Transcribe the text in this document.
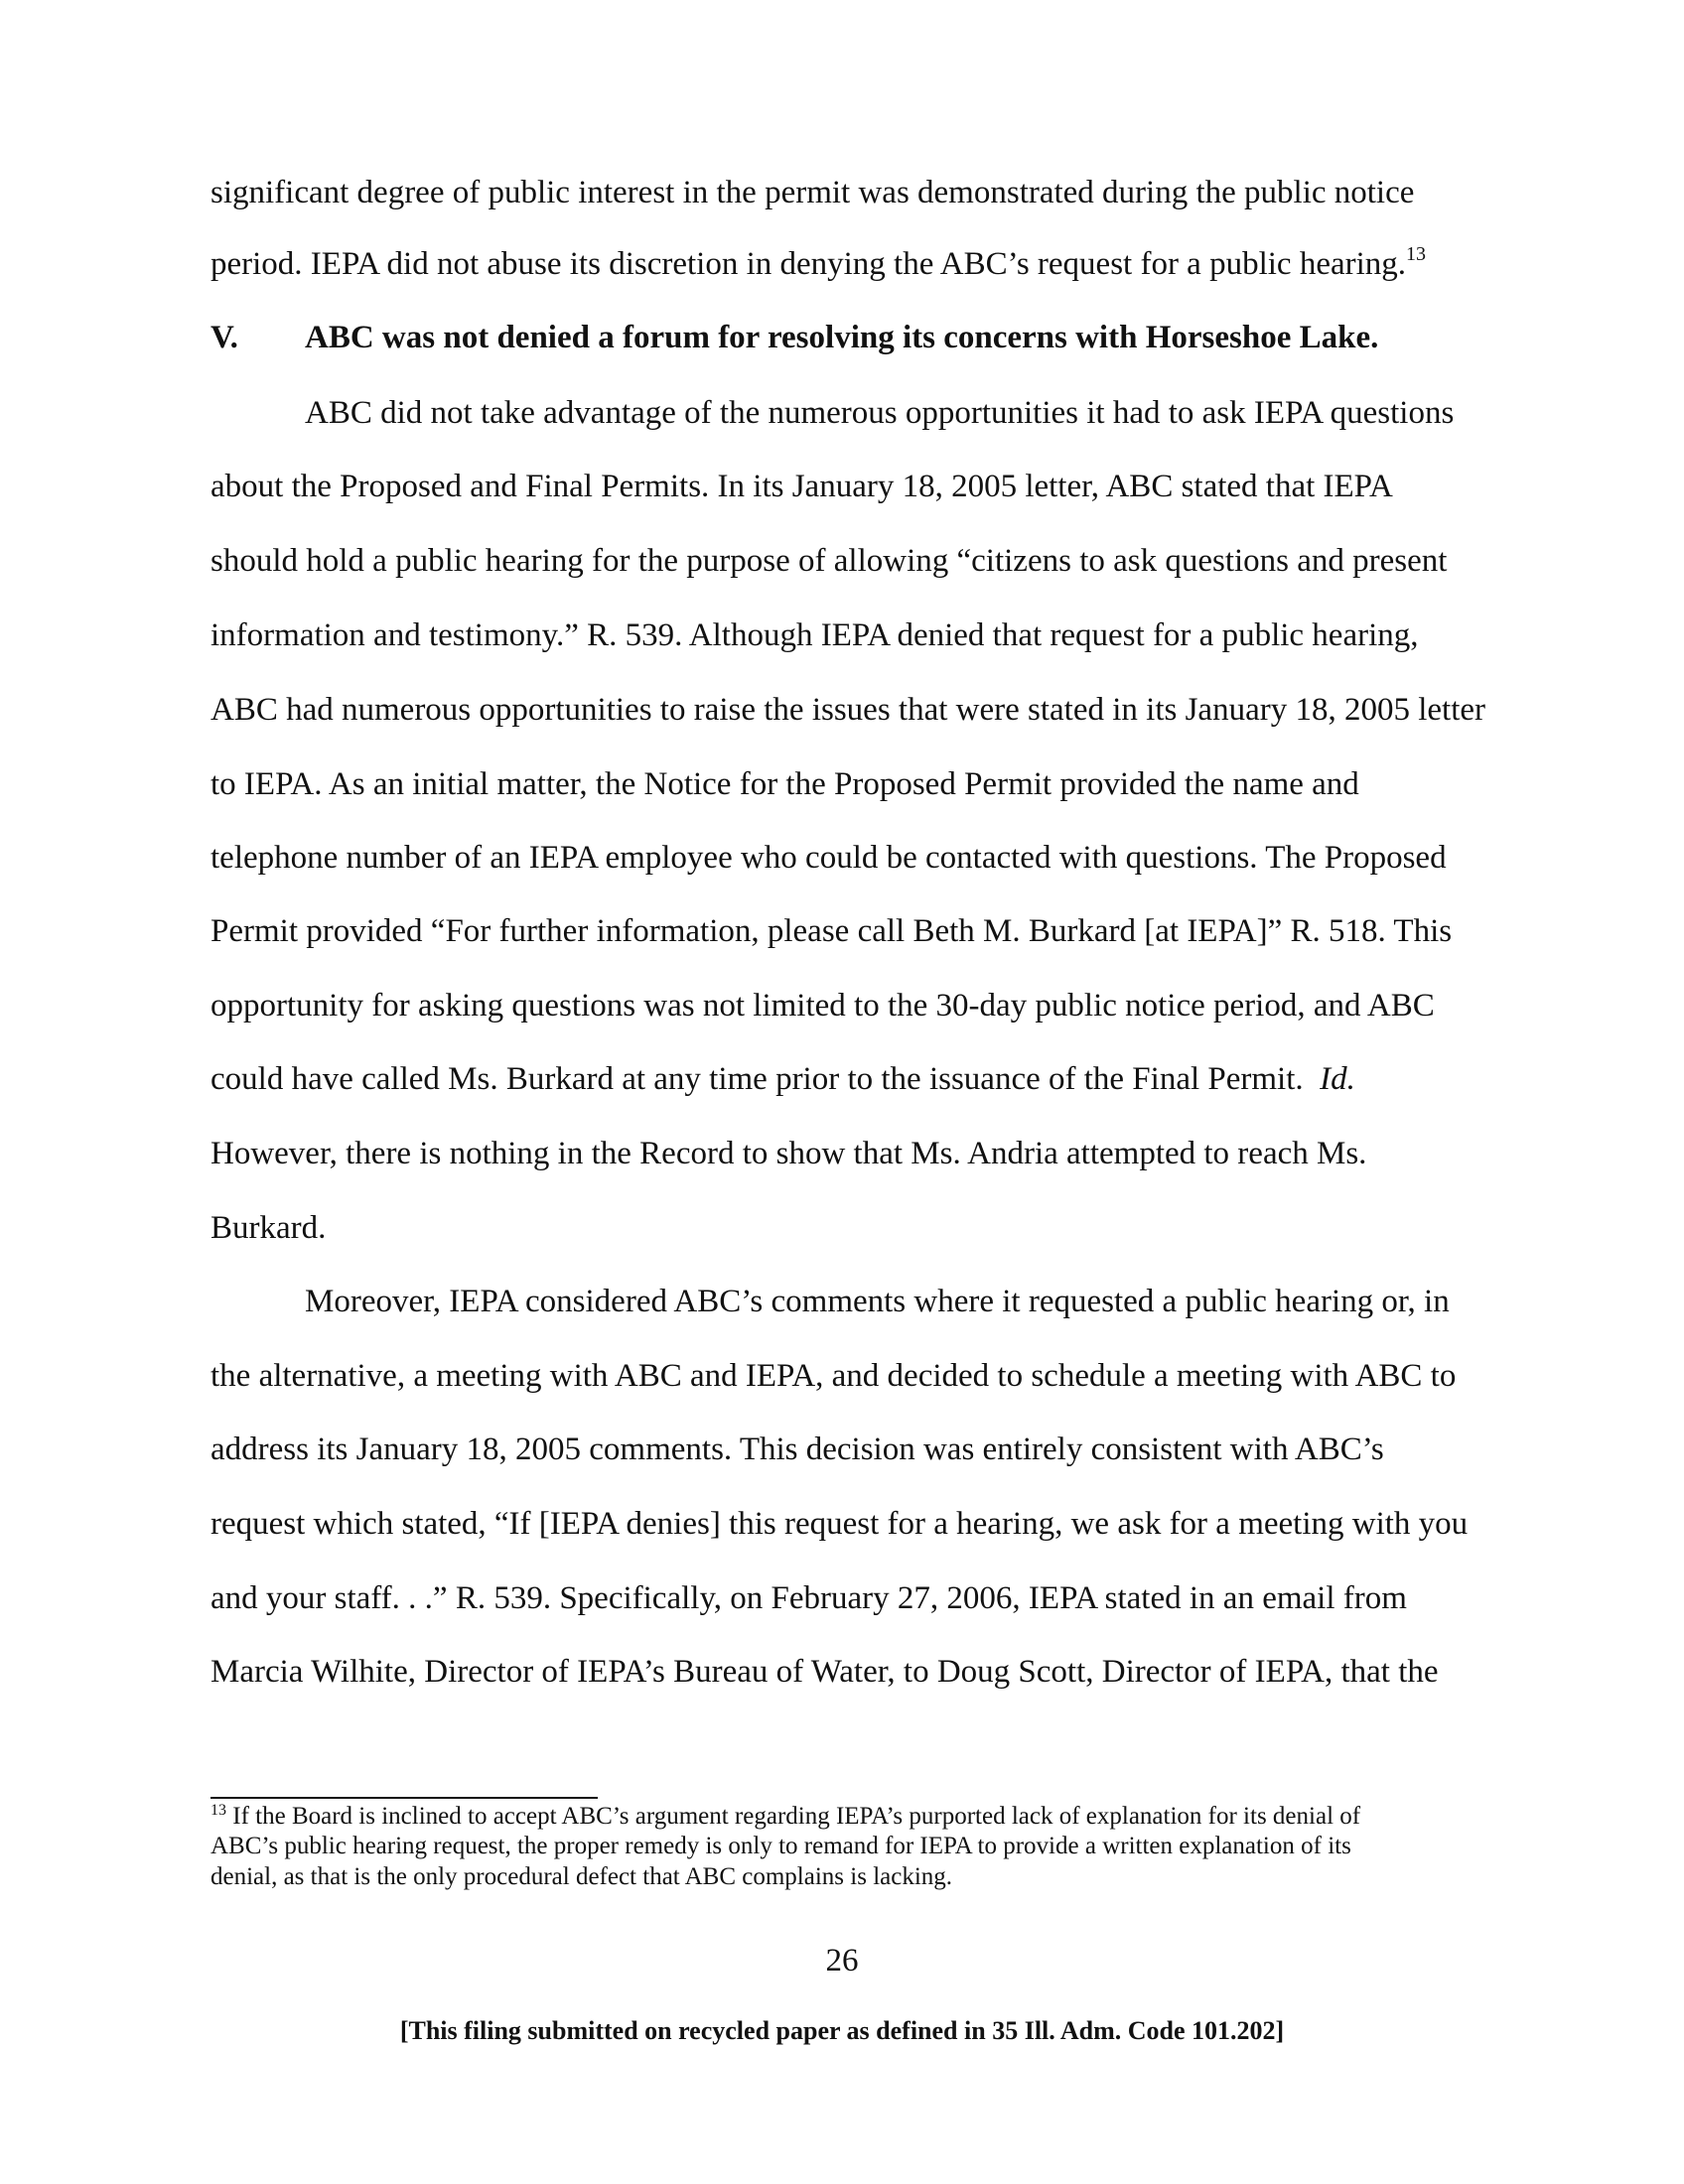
significant degree of public interest in the permit was demonstrated during the public notice
period. IEPA did not abuse its discretion in denying the ABC’s request for a public hearing.$^{13}$
V. ABC was not denied a forum for resolving its concerns with Horseshoe Lake.
ABC did not take advantage of the numerous opportunities it had to ask IEPA questions
about the Proposed and Final Permits. In its January 18, 2005 letter, ABC stated that IEPA
should hold a public hearing for the purpose of allowing “citizens to ask questions and present
information and testimony.” R. 539. Although IEPA denied that request for a public hearing,
ABC had numerous opportunities to raise the issues that were stated in its January 18, 2005 letter
to IEPA. As an initial matter, the Notice for the Proposed Permit provided the name and
telephone number of an IEPA employee who could be contacted with questions. The Proposed
Permit provided “For further information, please call Beth M. Burkard [at IEPA]” R. 518. This
opportunity for asking questions was not limited to the 30-day public notice period, and ABC
could have called Ms. Burkard at any time prior to the issuance of the Final Permit. Id.
However, there is nothing in the Record to show that Ms. Andria attempted to reach Ms.
Burkard.
Moreover, IEPA considered ABC’s comments where it requested a public hearing or, in
the alternative, a meeting with ABC and IEPA, and decided to schedule a meeting with ABC to
address its January 18, 2005 comments. This decision was entirely consistent with ABC’s
request which stated, “If [IEPA denies] this request for a hearing, we ask for a meeting with you
and your staff. . .” R. 539. Specifically, on February 27, 2006, IEPA stated in an email from
Marcia Wilhite, Director of IEPA’s Bureau of Water, to Doug Scott, Director of IEPA, that the
$^{13}$ If the Board is inclined to accept ABC’s argument regarding IEPA’s purported lack of explanation for its denial of
ABC’s public hearing request, the proper remedy is only to remand for IEPA to provide a written explanation of its
denial, as that is the only procedural defect that ABC complains is lacking.
26
[This filing submitted on recycled paper as defined in 35 Ill. Adm. Code 101.202]
